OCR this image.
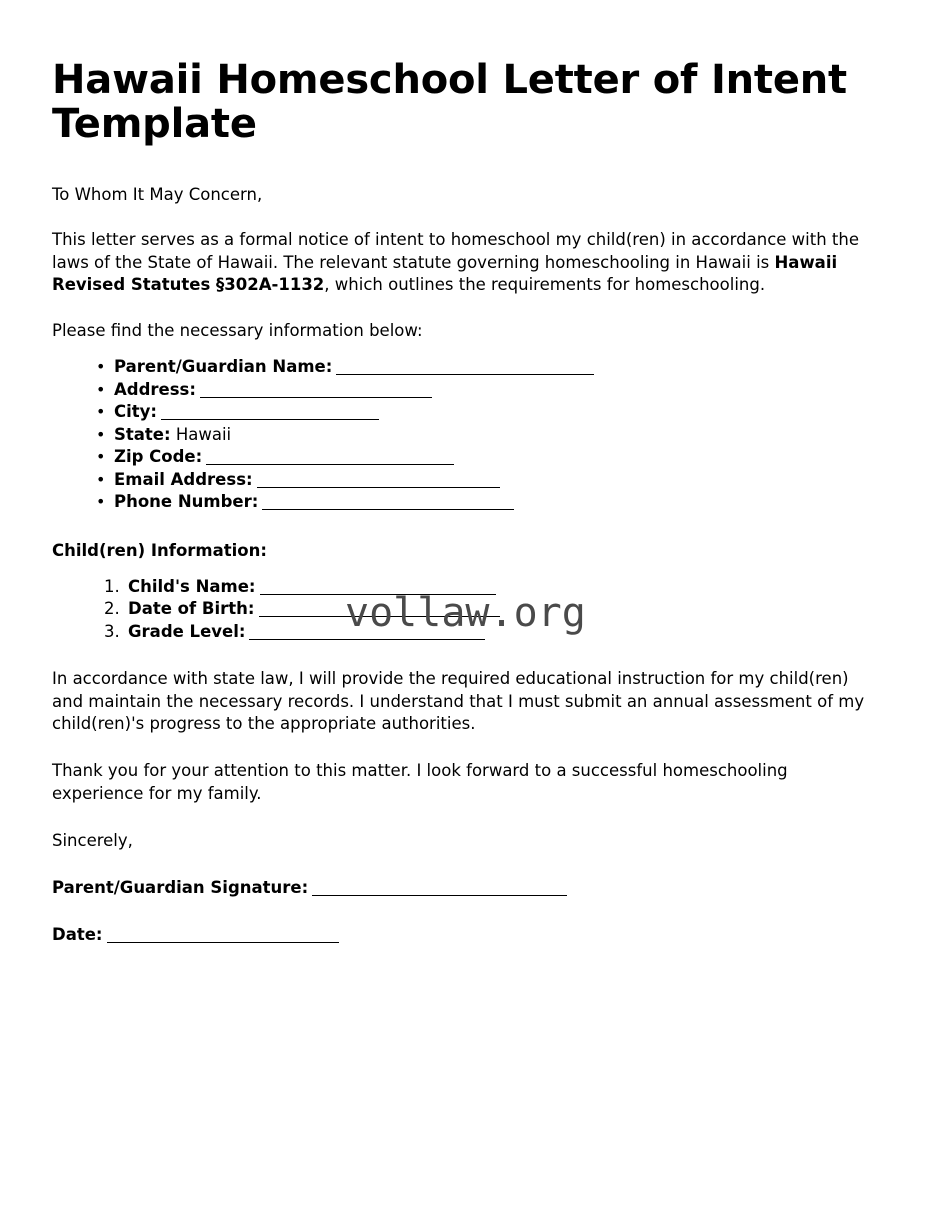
Hawaii Homeschool Letter of Intent Template

To Whom It May Concern,

This letter serves as a formal notice of intent to homeschool my child(ren) in accordance with the laws of the State of Hawaii. The relevant statute governing homeschooling in Hawaii is Hawaii Revised Statutes §302A-1132, which outlines the requirements for homeschooling.

Please find the necessary information below:

• Parent/Guardian Name:
• Address:
• City:
• State: Hawaii
• Zip Code:
• Email Address:
• Phone Number:

Child(ren) Information:

Child's Name:
Date of Birth:
Grade Level:

In accordance with state law, I will provide the required educational instruction for my child(ren) and maintain the necessary records. I understand that I must submit an annual assessment of my child(ren)'s progress to the appropriate authorities.

Thank you for your attention to this matter. I look forward to a successful homeschooling experience for my family.

Sincerely,

Parent/Guardian Signature:

Date:

vollaw.org
